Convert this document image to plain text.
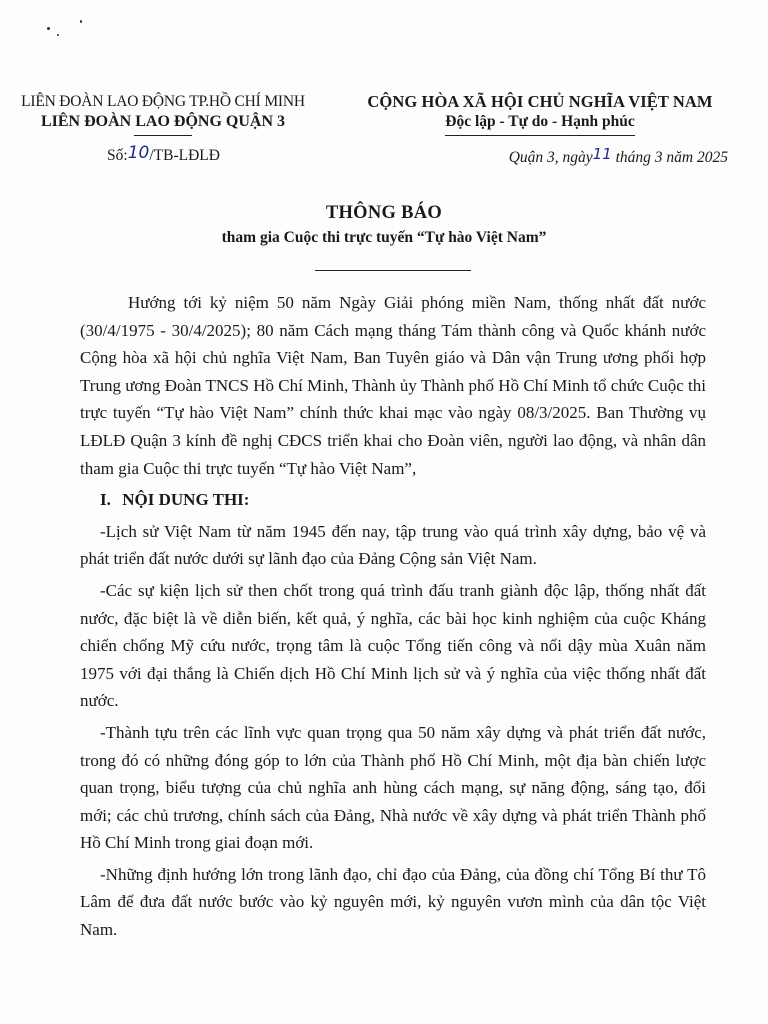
LIÊN ĐOÀN LAO ĐỘNG TP.HỒ CHÍ MINH
LIÊN ĐOÀN LAO ĐỘNG QUẬN 3
CỘNG HÒA XÃ HỘI CHỦ NGHĨA VIỆT NAM
Độc lập - Tự do - Hạnh phúc
Số:10/TB-LĐLĐ	Quận 3, ngày11 tháng 3 năm 2025
THÔNG BÁO
tham gia Cuộc thi trực tuyến “Tự hào Việt Nam”

Hướng tới kỷ niệm 50 năm Ngày Giải phóng miền Nam, thống nhất đất nước (30/4/1975 - 30/4/2025); 80 năm Cách mạng tháng Tám thành công và Quốc khánh nước Cộng hòa xã hội chủ nghĩa Việt Nam, Ban Tuyên giáo và Dân vận Trung ương phối hợp Trung ương Đoàn TNCS Hồ Chí Minh, Thành ủy Thành phố Hồ Chí Minh tổ chức Cuộc thi trực tuyến “Tự hào Việt Nam” chính thức khai mạc vào ngày 08/3/2025. Ban Thường vụ LĐLĐ Quận 3 kính đề nghị CĐCS triển khai cho Đoàn viên, người lao động, và nhân dân tham gia Cuộc thi trực tuyến “Tự hào Việt Nam”,

I. NỘI DUNG THI:

-Lịch sử Việt Nam từ năm 1945 đến nay, tập trung vào quá trình xây dựng, bảo vệ và phát triển đất nước dưới sự lãnh đạo của Đảng Cộng sản Việt Nam.

-Các sự kiện lịch sử then chốt trong quá trình đấu tranh giành độc lập, thống nhất đất nước, đặc biệt là về diễn biến, kết quả, ý nghĩa, các bài học kinh nghiệm của cuộc Kháng chiến chống Mỹ cứu nước, trọng tâm là cuộc Tổng tiến công và nổi dậy mùa Xuân năm 1975 với đại thắng là Chiến dịch Hồ Chí Minh lịch sử và ý nghĩa của việc thống nhất đất nước.

-Thành tựu trên các lĩnh vực quan trọng qua 50 năm xây dựng và phát triển đất nước, trong đó có những đóng góp to lớn của Thành phố Hồ Chí Minh, một địa bàn chiến lược quan trọng, biểu tượng của chủ nghĩa anh hùng cách mạng, sự năng động, sáng tạo, đổi mới; các chủ trương, chính sách của Đảng, Nhà nước về xây dựng và phát triển Thành phố Hồ Chí Minh trong giai đoạn mới.

-Những định hướng lớn trong lãnh đạo, chỉ đạo của Đảng, của đồng chí Tổng Bí thư Tô Lâm để đưa đất nước bước vào kỷ nguyên mới, kỷ nguyên vươn mình của dân tộc Việt Nam.
